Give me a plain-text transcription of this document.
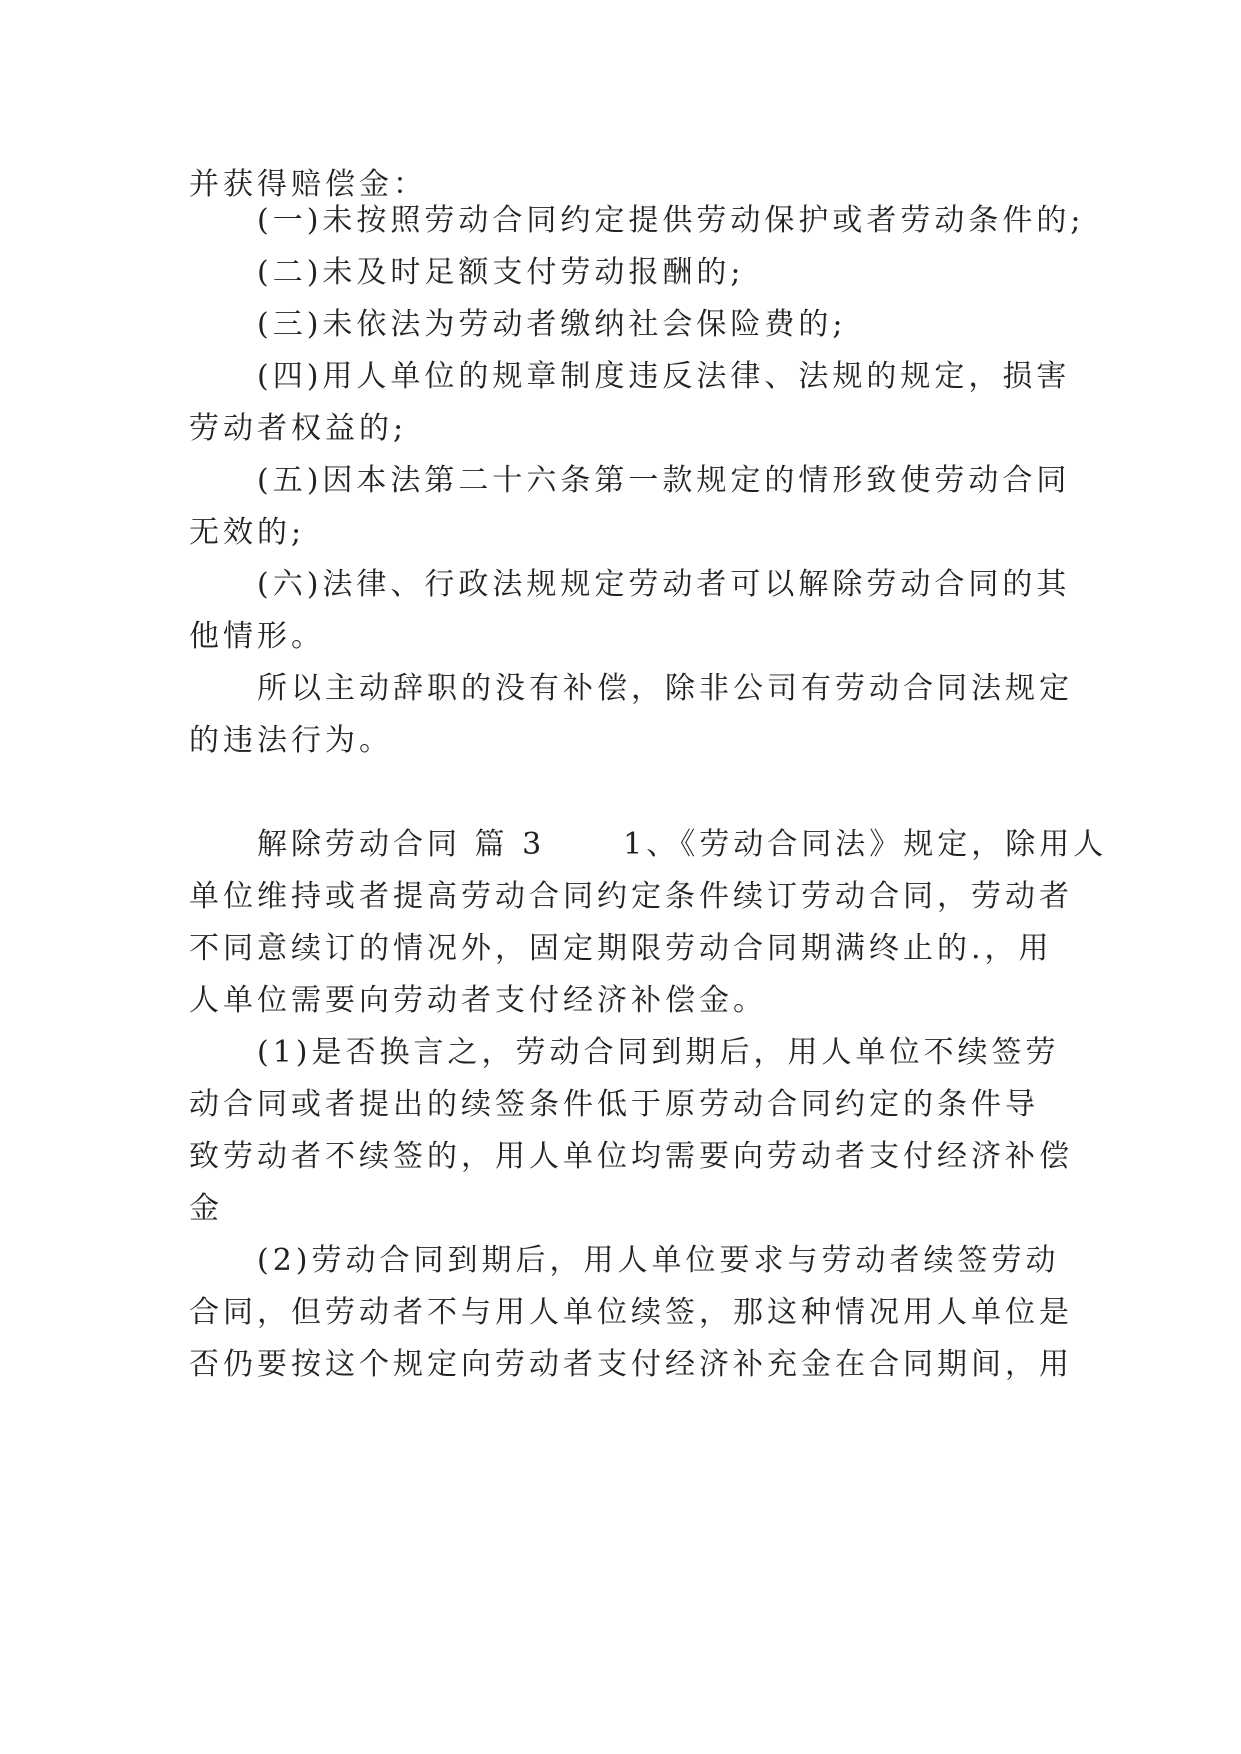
并获得赔偿金：
(一)未按照劳动合同约定提供劳动保护或者劳动条件的;
(二)未及时足额支付劳动报酬的;
(三)未依法为劳动者缴纳社会保险费的;
(四)用人单位的规章制度违反法律、法规的规定，损害
劳动者权益的;
(五)因本法第二十六条第一款规定的情形致使劳动合同
无效的;
(六)法律、行政法规规定劳动者可以解除劳动合同的其
他情形。
所以主动辞职的没有补偿，除非公司有劳动合同法规定
的违法行为。
解除劳动合同 篇 3	1、《劳动合同法》规定，除用人
单位维持或者提高劳动合同约定条件续订劳动合同，劳动者
不同意续订的情况外，固定期限劳动合同期满终止的.，用
人单位需要向劳动者支付经济补偿金。
(1)是否换言之，劳动合同到期后，用人单位不续签劳
动合同或者提出的续签条件低于原劳动合同约定的条件导
致劳动者不续签的，用人单位均需要向劳动者支付经济补偿
金
(2)劳动合同到期后，用人单位要求与劳动者续签劳动
合同，但劳动者不与用人单位续签，那这种情况用人单位是
否仍要按这个规定向劳动者支付经济补充金在合同期间，用
